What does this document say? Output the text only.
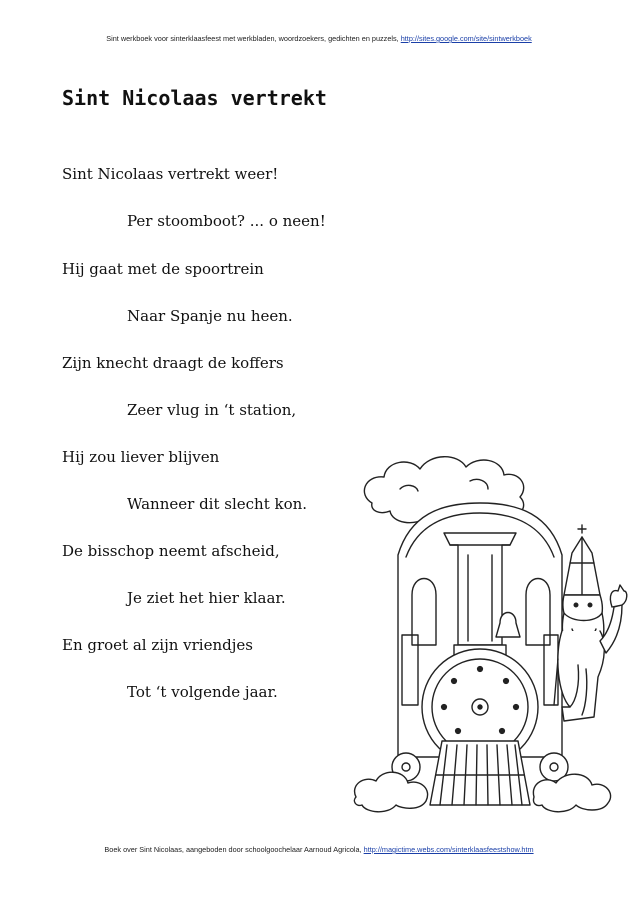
Sint werkboek voor sinterklaasfeest met werkbladen, woordzoekers, gedichten en puzzels, http://sites.google.com/site/sintwerkboek
Sint Nicolaas vertrekt
Sint Nicolaas vertrekt weer!
Per stoomboot? ... o neen!
Hij gaat met de spoortrein
Naar Spanje nu heen.
Zijn knecht draagt de koffers
Zeer vlug in ‘t station,
Hij zou liever blijven
Wanneer dit slecht kon.
De bisschop neemt afscheid,
Je ziet het hier klaar.
En groet al zijn vriendjes
Tot ‘t volgende jaar.
Boek over Sint Nicolaas, aangeboden door schoolgoochelaar Aarnoud Agricola, http://magictime.webs.com/sinterklaasfeestshow.htm
